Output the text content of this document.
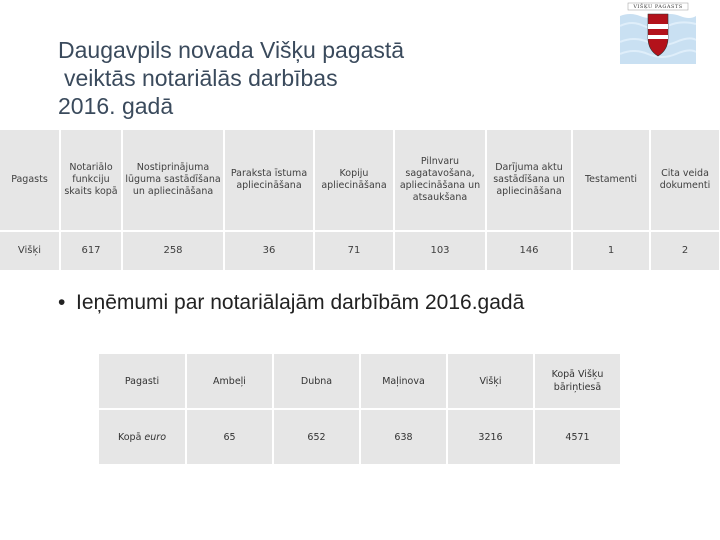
Daugavpils novada Višķu pagastā
veiktās notariālās darbības
2016. gadā
VIŠĶU PAGASTS
Pagasts	Notariālo funkciju skaits kopā	Nostiprinājuma lūguma sastādīšana un apliecināšana	Paraksta īstuma apliecināšana	Kopiju apliecināšana	Pilnvaru sagatavošana, apliecināšana un atsaukšana	Darījuma aktu sastādīšana un apliecināšana	Testamenti	Cita veida dokumenti
Višķi	617	258	36	71	103	146	1	2
• Ieņēmumi par notariālajām darbībām 2016.gadā
Pagasti	Ambeļi	Dubna	Maļinova	Višķi	Kopā Višķu bāriņtiesā
Kopā euro	65	652	638	3216	4571
